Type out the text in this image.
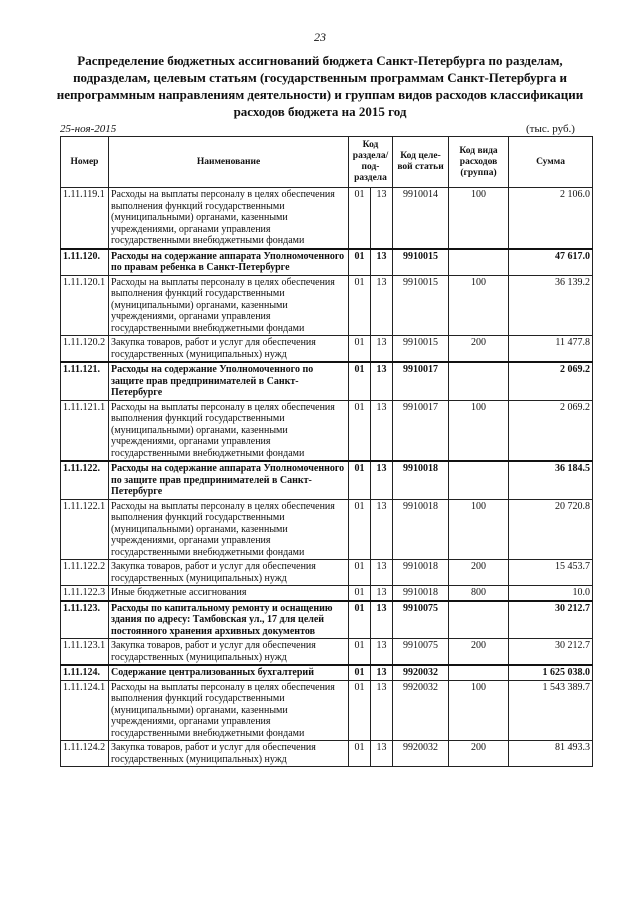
23
Распределение бюджетных ассигнований бюджета Санкт-Петербурга по разделам, подразделам, целевым статьям (государственным программам Санкт-Петербурга и непрограммным направлениям деятельности) и группам видов расходов классификации расходов бюджета на 2015 год
25-ноя-2015	(тыс. руб.)
Номер	Наименование	Код раздела/ под-раздела		Код целе-вой статьи	Код вида расходов (группа)	Сумма
1.11.119.1	Расходы на выплаты персоналу в целях обеспечения выполнения функций государственными (муниципальными) органами, казенными учреждениями, органами управления государственными внебюджетными фондами	01	13	9910014	100	2 106.0
1.11.120.	Расходы на содержание аппарата Уполномоченного по правам ребенка в Санкт-Петербурге	01	13	9910015		47 617.0
1.11.120.1	Расходы на выплаты персоналу в целях обеспечения выполнения функций государственными (муниципальными) органами, казенными учреждениями, органами управления государственными внебюджетными фондами	01	13	9910015	100	36 139.2
1.11.120.2	Закупка товаров, работ и услуг для обеспечения государственных (муниципальных) нужд	01	13	9910015	200	11 477.8
1.11.121.	Расходы на содержание Уполномоченного по защите прав предпринимателей в Санкт-Петербурге	01	13	9910017		2 069.2
1.11.121.1	Расходы на выплаты персоналу в целях обеспечения выполнения функций государственными (муниципальными) органами, казенными учреждениями, органами управления государственными внебюджетными фондами	01	13	9910017	100	2 069.2
1.11.122.	Расходы на содержание аппарата Уполномоченного по защите прав предпринимателей в Санкт-Петербурге	01	13	9910018		36 184.5
1.11.122.1	Расходы на выплаты персоналу в целях обеспечения выполнения функций государственными (муниципальными) органами, казенными учреждениями, органами управления государственными внебюджетными фондами	01	13	9910018	100	20 720.8
1.11.122.2	Закупка товаров, работ и услуг для обеспечения государственных (муниципальных) нужд	01	13	9910018	200	15 453.7
1.11.122.3	Иные бюджетные ассигнования	01	13	9910018	800	10.0
1.11.123.	Расходы по капитальному ремонту и оснащению здания по адресу: Тамбовская ул., 17 для целей постоянного хранения архивных документов	01	13	9910075		30 212.7
1.11.123.1	Закупка товаров, работ и услуг для обеспечения государственных (муниципальных) нужд	01	13	9910075	200	30 212.7
1.11.124.	Содержание централизованных бухгалтерий	01	13	9920032		1 625 038.0
1.11.124.1	Расходы на выплаты персоналу в целях обеспечения выполнения функций государственными (муниципальными) органами, казенными учреждениями, органами управления государственными внебюджетными фондами	01	13	9920032	100	1 543 389.7
1.11.124.2	Закупка товаров, работ и услуг для обеспечения государственных (муниципальных) нужд	01	13	9920032	200	81 493.3
